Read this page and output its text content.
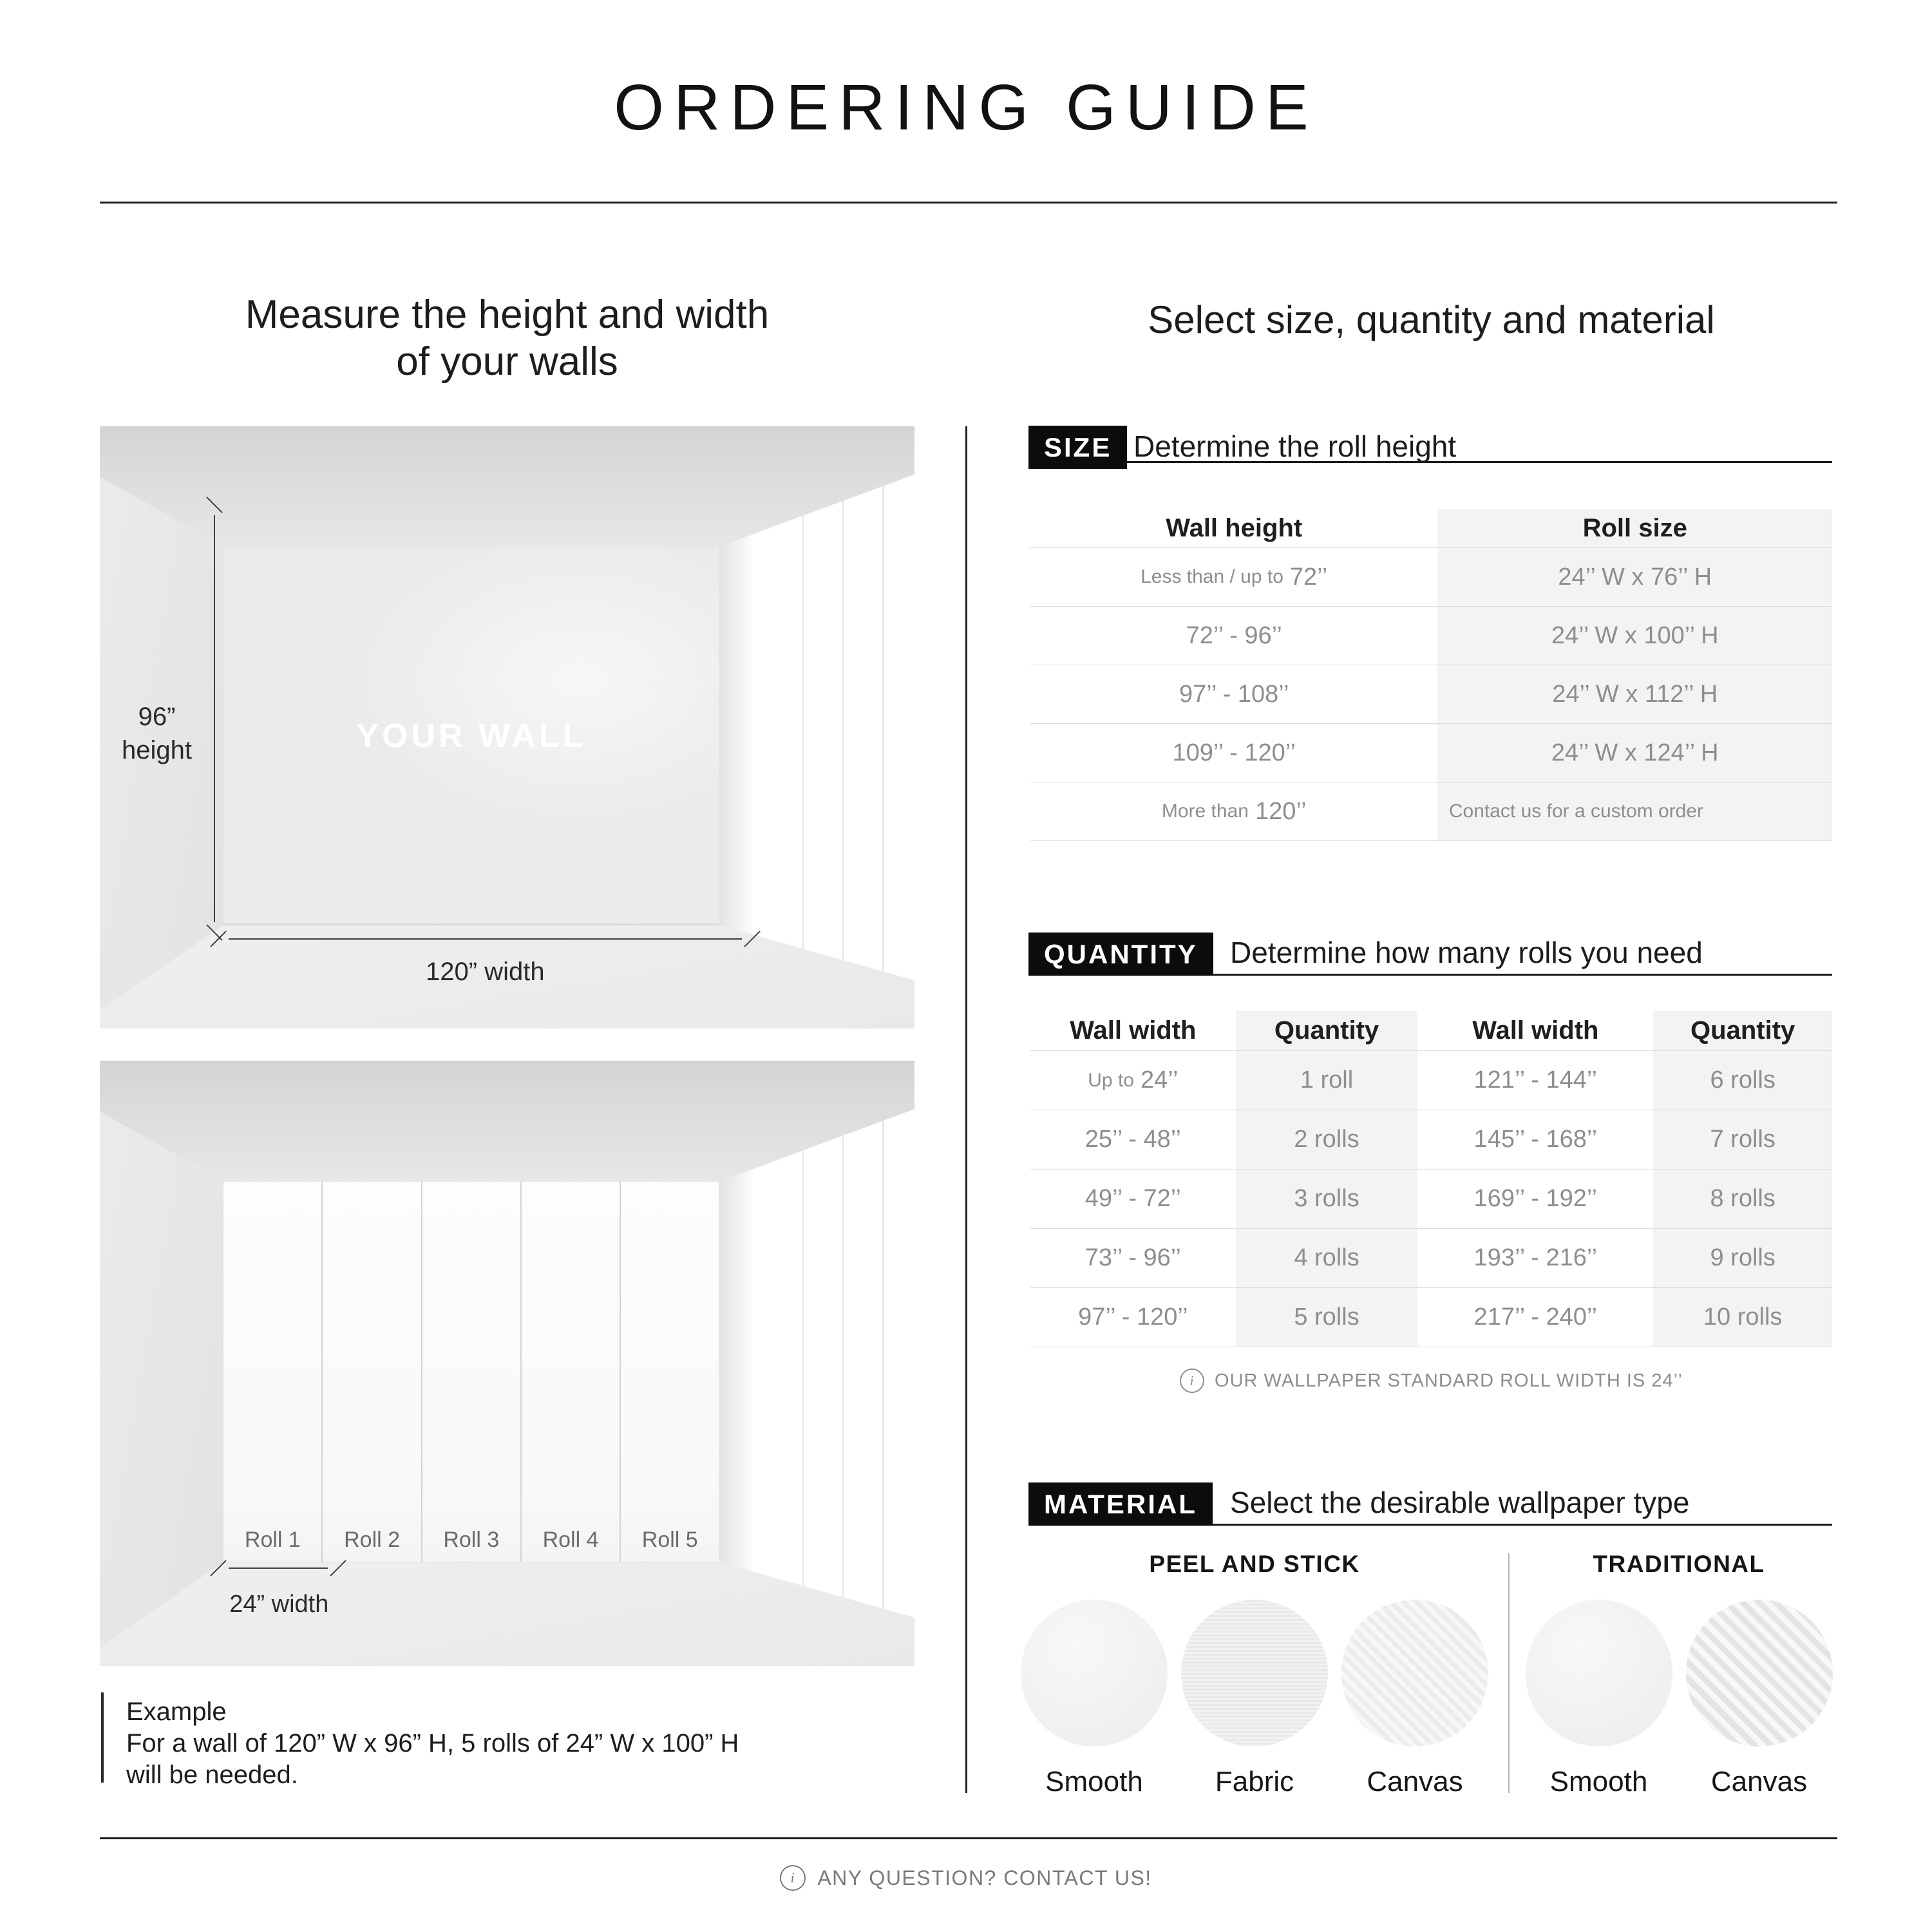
ORDERING GUIDE
Measure the height and width
of your walls
Select size, quantity and material
YOUR WALL
96”
height
120” width
Roll 1	Roll 2	Roll 3	Roll 4	Roll 5
24” width
SIZE Determine the roll height
Wall height	Roll size
Less than / up to 72’’	24’’ W x 76’’ H
72’’ - 96’’	24’’ W x 100’’ H
97’’ - 108’’	24’’ W x 112’’ H
109’’ - 120’’	24’’ W x 124’’ H
More than 120’’	Contact us for a custom order
QUANTITY	Determine how many rolls you need
Wall width	Quantity	Wall width	Quantity
Up to 24’’	1 roll	121’’ - 144’’	6 rolls
25’’ - 48’’	2 rolls	145’’ - 168’’	7 rolls
49’’ - 72’’	3 rolls	169’’ - 192’’	8 rolls
73’’ - 96’’	4 rolls	193’’ - 216’’	9 rolls
97’’ - 120’’	5 rolls	217’’ - 240’’	10 rolls
i	OUR WALLPAPER STANDARD ROLL WIDTH IS 24’’
MATERIAL	Select the desirable wallpaper type
PEEL AND STICK
Smooth	Fabric	Canvas
TRADITIONAL
Smooth Canvas
Example
For a wall of 120” W x 96” H, 5 rolls of 24” W x 100” H
will be needed.
i	ANY QUESTION? CONTACT US!
